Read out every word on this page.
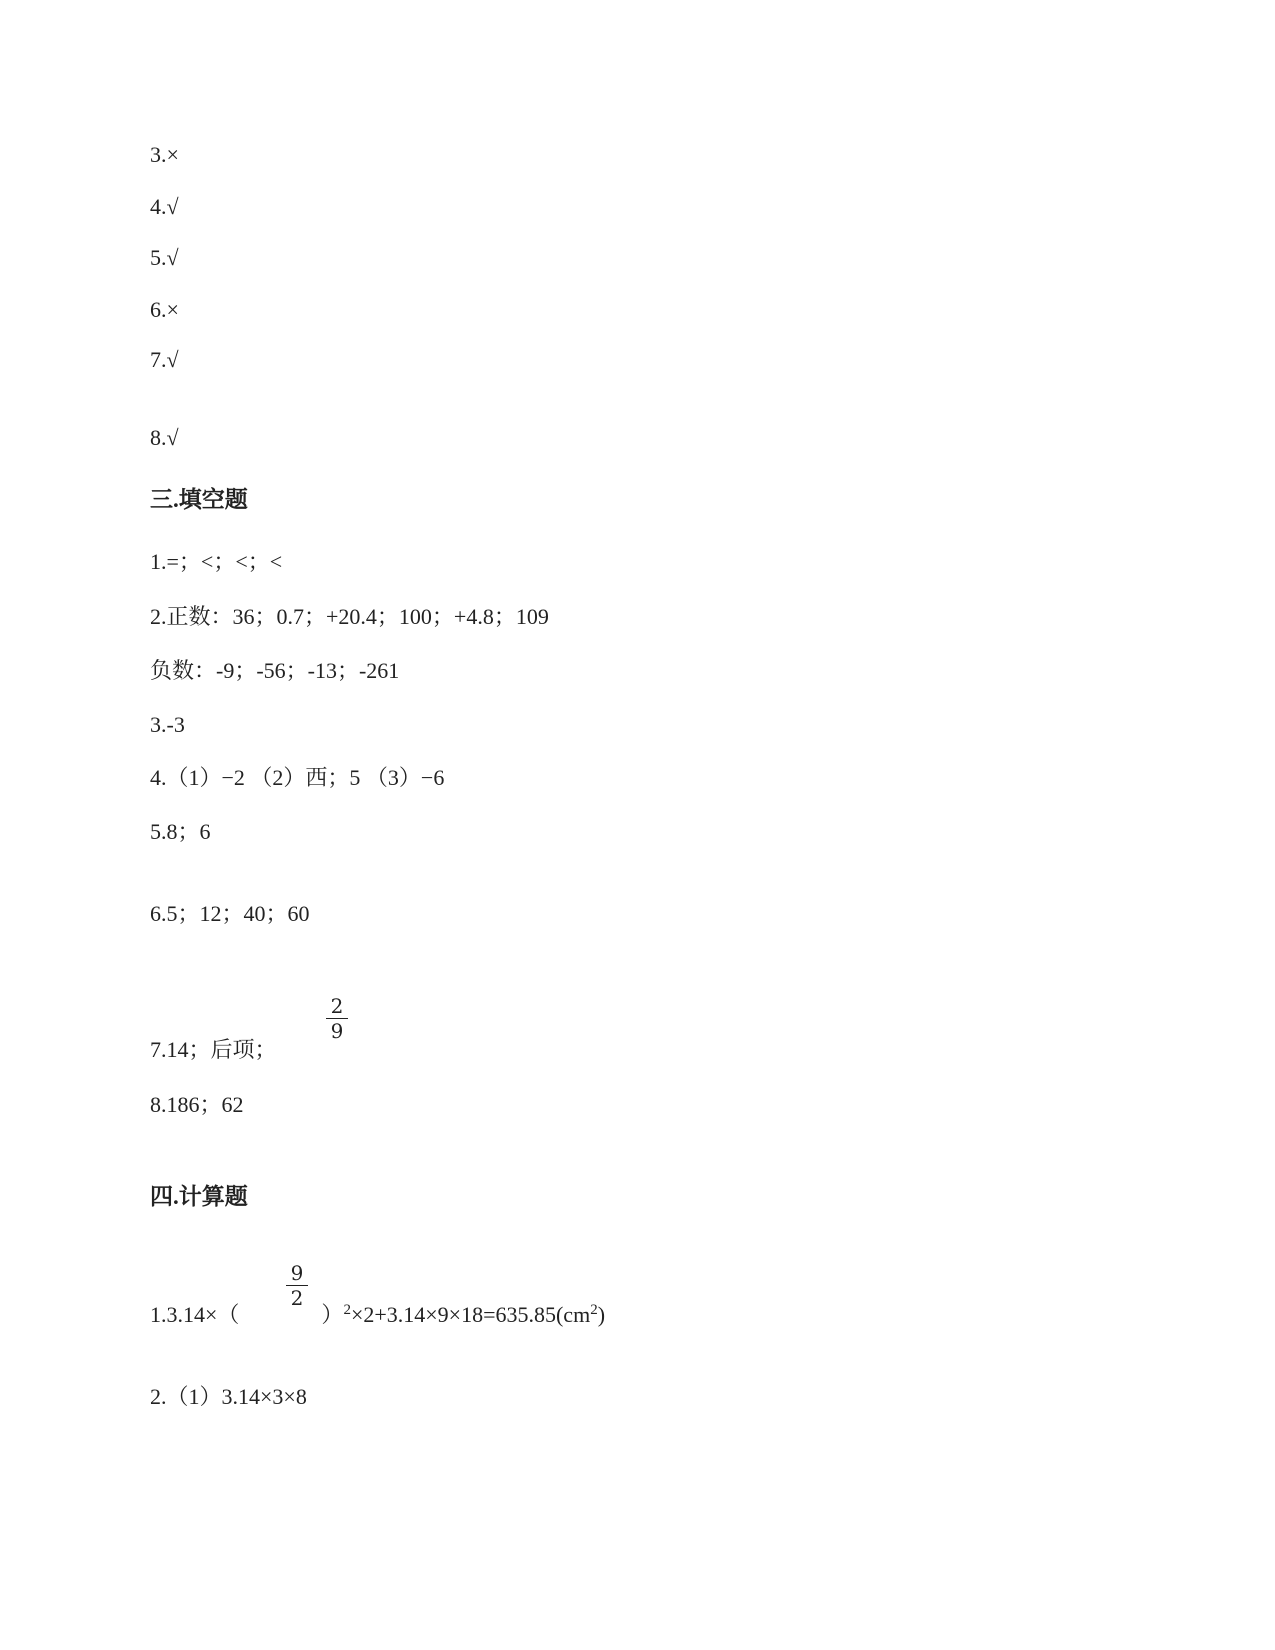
3.×
4.√
5.√
6.×
7.√
8.√
三.填空题
1.=；<；<；<
2.正数：36；0.7；+20.4；100；+4.8；109
负数：-9；-56；-13；-261
3.-3
4.（1）−2 （2）西；5 （3）−6
5.8；6
6.5；12；40；60
2
9
7.14；后项；
8.186；62
四.计算题
9
2
1.3.14×（	）$^2\times 2+3.14\times 9\times 18=635.85(cm^2)$
2.（1）3.14×3×8
